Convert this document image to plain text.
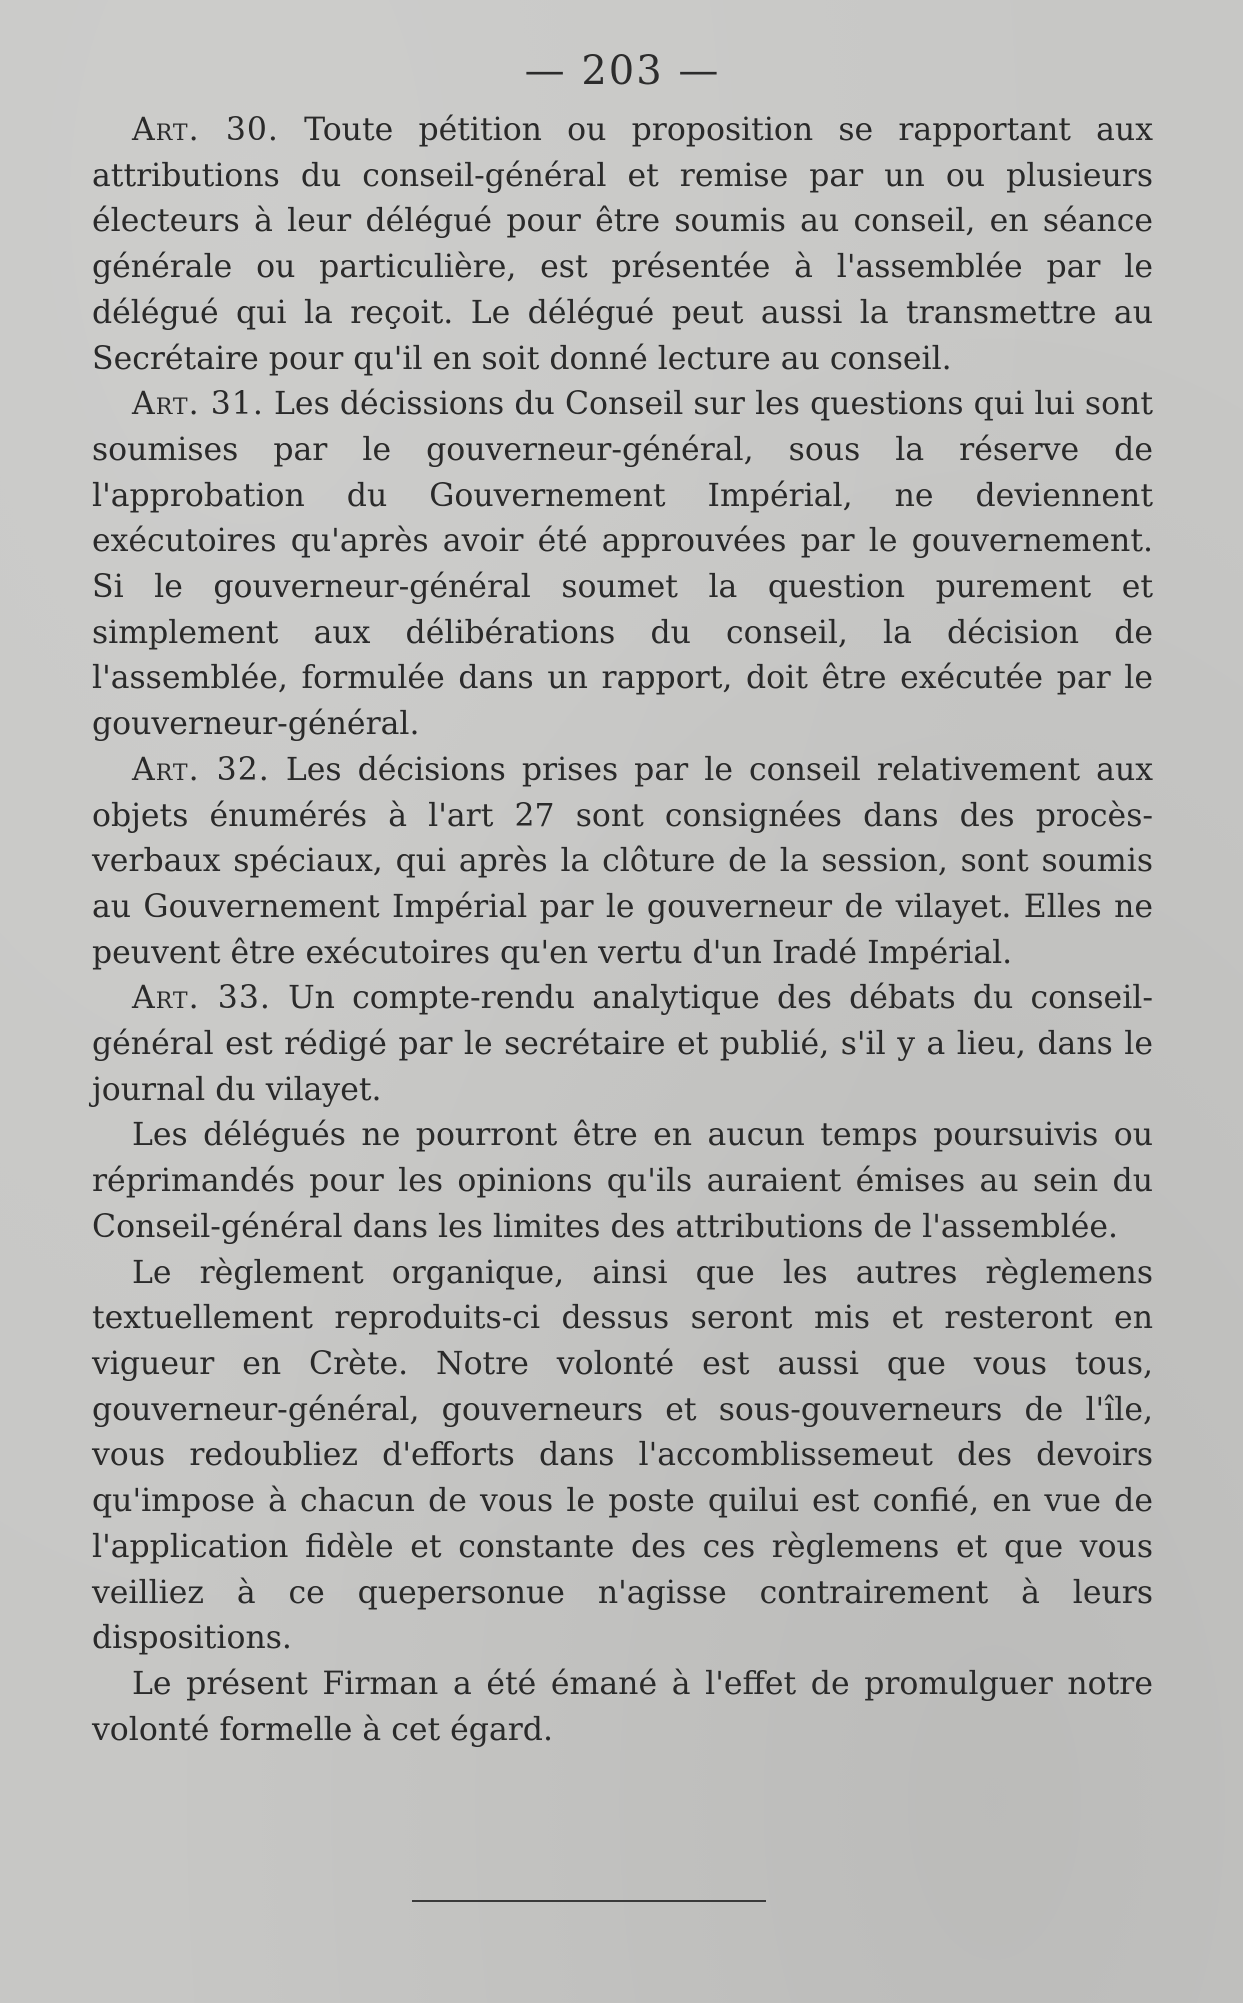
— 203 —

Art. 30. Toute pétition ou proposition se rapportant aux attributions du conseil-général et remise par un ou plusieurs électeurs à leur délégué pour être soumis au conseil, en séance générale ou particulière, est présentée à l'assemblée par le délégué qui la reçoit. Le délégué peut aussi la transmettre au Secrétaire pour qu'il en soit donné lecture au conseil.

Art. 31. Les décissions du Conseil sur les questions qui lui sont soumises par le gouverneur-général, sous la réserve de l'approbation du Gouvernement Impérial, ne deviennent exécutoires qu'après avoir été approuvées par le gouvernement. Si le gouverneur-général soumet la question purement et simplement aux délibérations du conseil, la décision de l'assemblée, formulée dans un rapport, doit être exécutée par le gouverneur-général.

Art. 32. Les décisions prises par le conseil relativement aux objets énumérés à l'art 27 sont consignées dans des procès-verbaux spéciaux, qui après la clôture de la session, sont soumis au Gouvernement Impérial par le gouverneur de vilayet. Elles ne peuvent être exécutoires qu'en vertu d'un Iradé Impérial.

Art. 33. Un compte-rendu analytique des débats du conseil-général est rédigé par le secrétaire et publié, s'il y a lieu, dans le journal du vilayet.

Les délégués ne pourront être en aucun temps poursuivis ou réprimandés pour les opinions qu'ils auraient émises au sein du Conseil-général dans les limites des attributions de l'assemblée.

Le règlement organique, ainsi que les autres règlemens textuellement reproduits-ci dessus seront mis et resteront en vigueur en Crète. Notre volonté est aussi que vous tous, gouverneur-général, gouverneurs et sous-gouverneurs de l'île, vous redoubliez d'efforts dans l'accomblissemeut des devoirs qu'impose à chacun de vous le poste quilui est confié, en vue de l'application fidèle et constante des ces règlemens et que vous veilliez à ce quepersonue n'agisse contrairement à leurs dispositions.

Le présent Firman a été émané à l'effet de promulguer notre volonté formelle à cet égard.
